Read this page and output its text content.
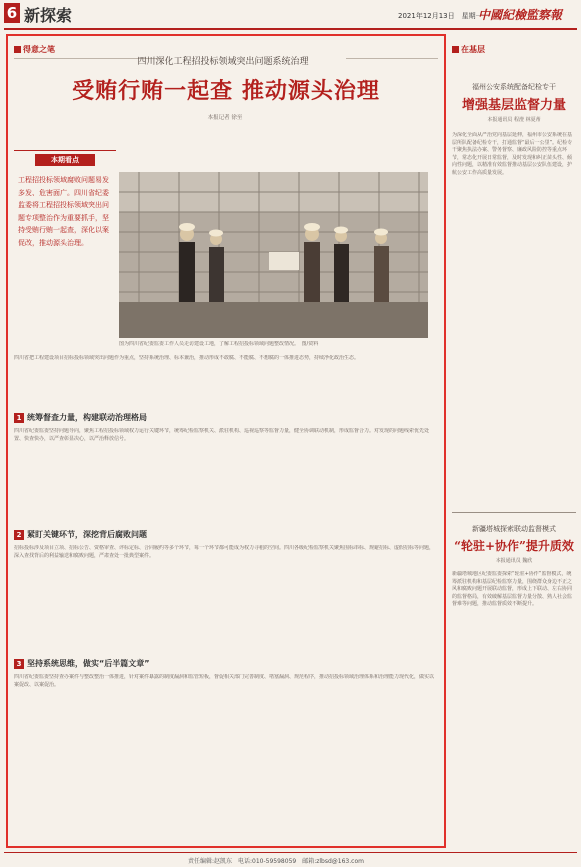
6 新探索	2021年12月13日　星期一
中國紀檢監察報
得意之笔
四川深化工程招投标领域突出问题系统治理
受贿行贿一起查 推动源头治理
本报记者 徐至
本期看点
工程招投标领域腐败问题易发多发、危害面广。四川省纪委监委将工程招投标领域突出问题专项整治作为重要抓手，坚持受贿行贿一起查，深化以案促改，推动源头治理。
图为四川省纪委监委工作人员走访建设工地，了解工程招投标领域问题整改情况。　 图/资料
四川省把工程建设项目招标投标领域突出问题作为重点，坚持系统治理、标本兼治，推动形成不敢腐、不能腐、不想腐的一体推进态势，持续净化政治生态。
1 统筹督查力量，构建联动治理格局
四川省纪委监委坚持问题导向，聚焦工程招投标领域权力运行关键环节，统筹纪检监察机关、派驻机构、巡视巡察等监督力量，健全协调联动机制，形成监督合力。对发现的问题线索优先处置、快查快办，以严查彰显决心，以严治释放信号。
2 紧盯关键环节，深挖背后腐败问题
招标投标涉及项目立项、招标公告、资格审查、评标定标、合同履约等多个环节，每一个环节都可能成为权力寻租的空间。四川各级纪检监察机关聚焦围标串标、规避招标、虚假招标等问题，深入查找背后的利益输送和腐败问题，严肃查处一批典型案件。
3 坚持系统思维，做实“后半篇文章”
四川省纪委监委坚持查办案件与整改整治一体推进，针对案件暴露的制度漏洞和监管短板，督促相关部门完善制度、堵塞漏洞、规范程序，推动招投标领域治理体系和治理能力现代化，做实以案促改、以案促治。
在基层
福州公安系统配备纪检专干
增强基层监督力量
本报通讯员 程澄 林夏蒂
为深化全面从严治党向基层延伸，福州市公安系统在基层所队配备纪检专干，打通监督“最后一公里”。纪检专干聚焦执法办案、警务督察、廉政风险防控等重点环节，常态化开展日常监督，及时发现和纠正苗头性、倾向性问题，以精准有效监督推动基层公安队伍建设，护航公安工作高质量发展。
新疆塔城探索联动监督模式
“轮驻+协作”提升质效
本报通讯员 魏欣
新疆塔城地区纪委监委探索“轮驻+协作”监督模式，统筹派驻机构和基层纪检监察力量，围绕群众身边不正之风和腐败问题开展联动监督，形成上下联动、左右协同的监督格局，有效破解基层监督力量分散、熟人社会监督难等问题，推动监督质效不断提升。
责任编辑:赵凯东　电话:010-59598059　邮箱:zlbsd@163.com
